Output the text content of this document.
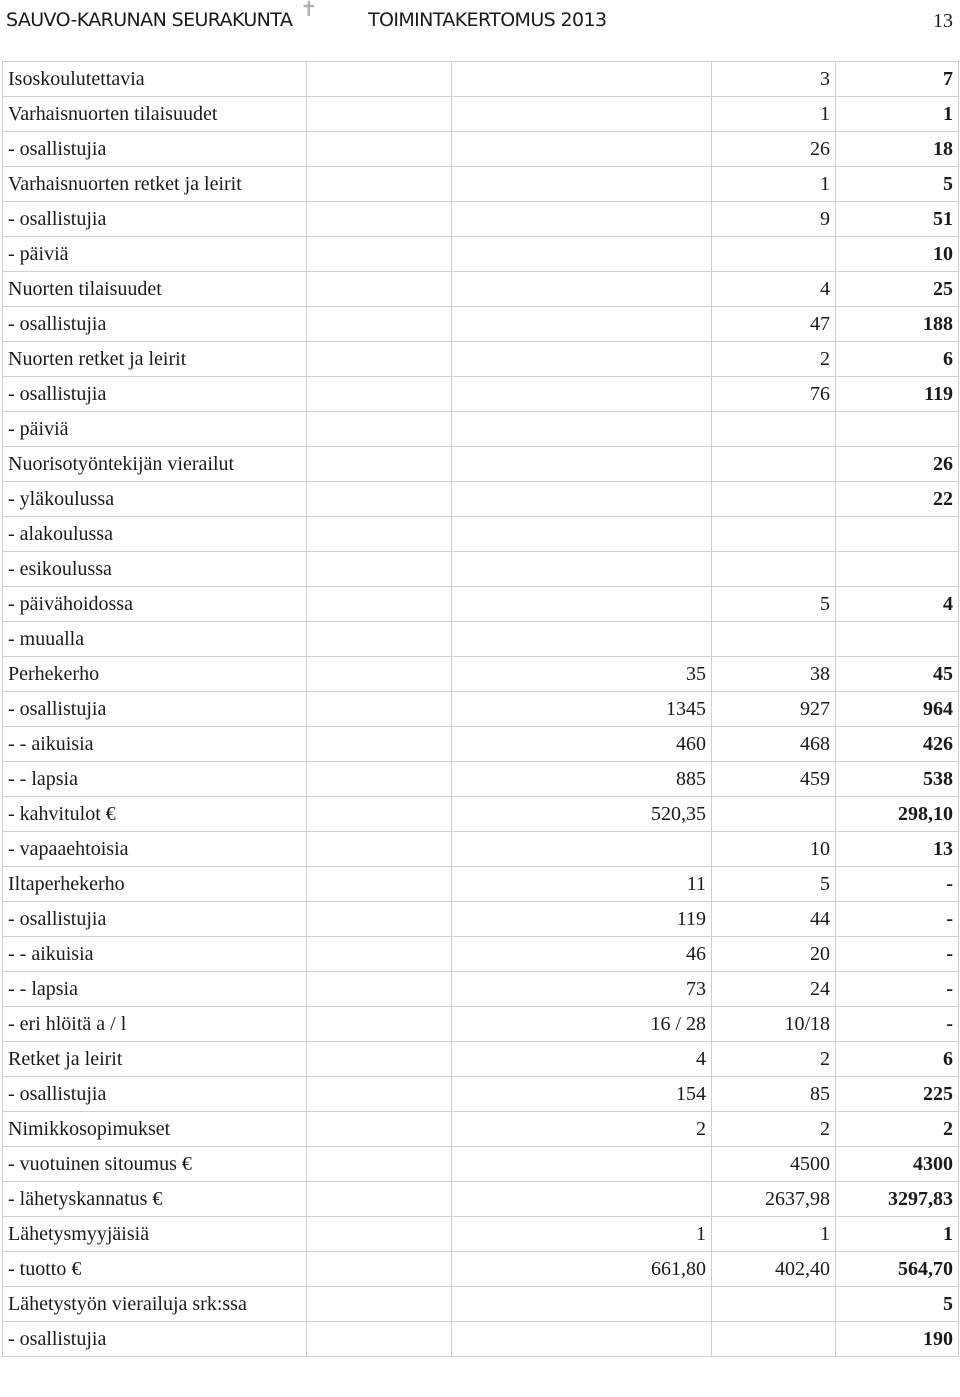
SAUVO-KARUNAN SEURAKUNTA ✝	TOIMINTAKERTOMUS 2013	13
Isoskoulutettavia			3	7
Varhaisnuorten tilaisuudet			1	1
- osallistujia			26	18
Varhaisnuorten retket ja leirit			1	5
- osallistujia			9	51
- päiviä				10
Nuorten tilaisuudet			4	25
- osallistujia			47	188
Nuorten retket ja leirit			2	6
- osallistujia			76	119
- päiviä				
Nuorisotyöntekijän vierailut				26
- yläkoulussa				22
- alakoulussa				
- esikoulussa				
- päivähoidossa			5	4
- muualla				
Perhekerho		35	38	45
- osallistujia		1345	927	964
- - aikuisia		460	468	426
- - lapsia		885	459	538
- kahvitulot €		520,35		298,10
- vapaaehtoisia			10	13
Iltaperhekerho		11	5	-
- osallistujia		119	44	-
- - aikuisia		46	20	-
- - lapsia		73	24	-
- eri hlöitä a / l		16 / 28	10/18	-
Retket ja leirit		4	2	6
- osallistujia		154	85	225
Nimikkosopimukset		2	2	2
- vuotuinen sitoumus €			4500	4300
- lähetyskannatus €			2637,98	3297,83
Lähetysmyyjäisiä		1	1	1
- tuotto €		661,80	402,40	564,70
Lähetystyön vierailuja srk:ssa				5
- osallistujia				190
